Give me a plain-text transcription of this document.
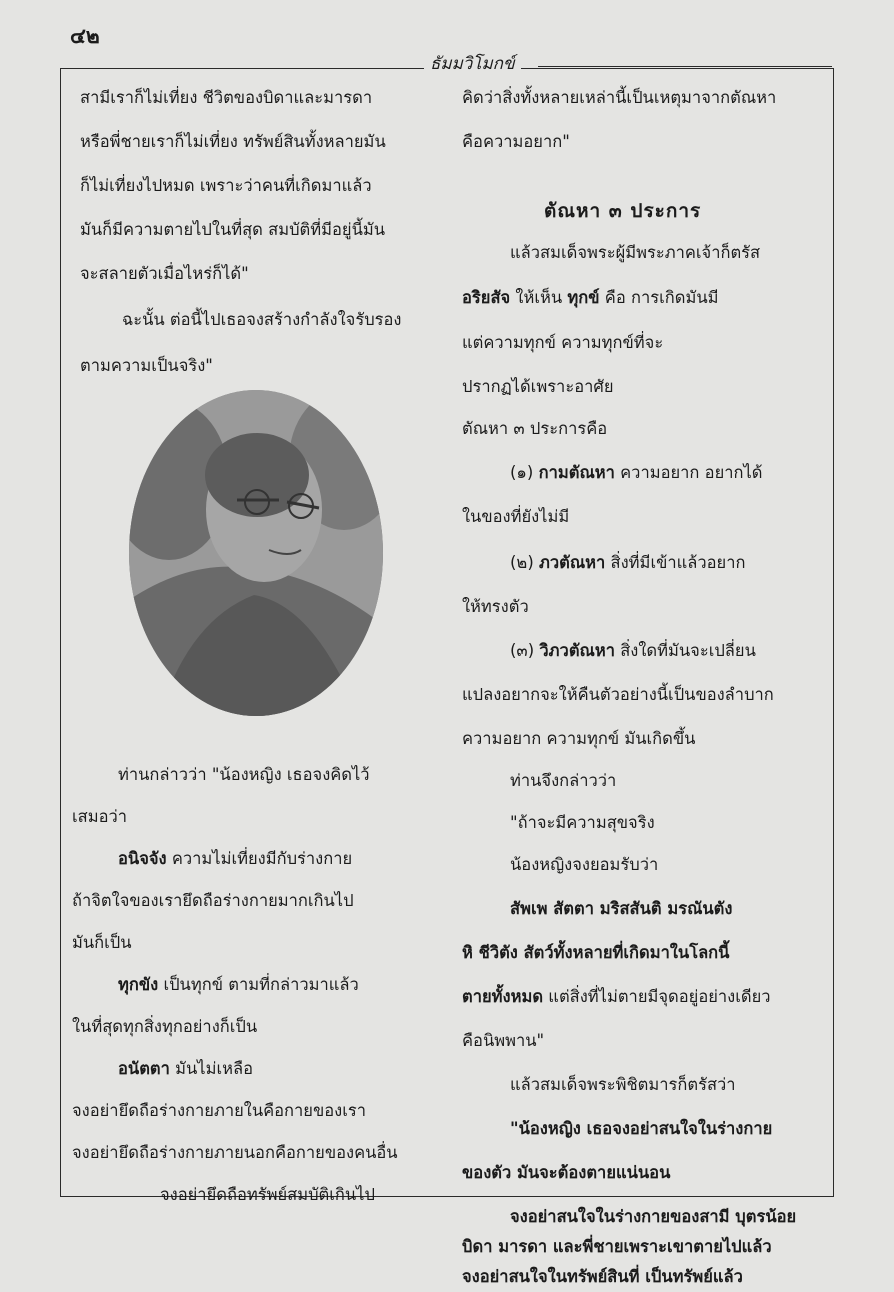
๔๒
ธัมมวิโมกข์
สามีเราก็ไม่เที่ยง ชีวิตของบิดาและมารดา
หรือพี่ชายเราก็ไม่เที่ยง ทรัพย์สินทั้งหลายมัน
ก็ไม่เที่ยงไปหมด เพราะว่าคนที่เกิดมาแล้ว
มันก็มีความตายไปในที่สุด สมบัติที่มีอยู่นี้มัน
จะสลายตัวเมื่อไหร่ก็ได้"
ฉะนั้น ต่อนี้ไปเธอจงสร้างกำลังใจรับรอง
ตามความเป็นจริง"
ท่านกล่าวว่า "น้องหญิง เธอจงคิดไว้
เสมอว่า
อนิจจัง ความไม่เที่ยงมีกับร่างกาย
ถ้าจิตใจของเรายึดถือร่างกายมากเกินไป
มันก็เป็น
ทุกขัง เป็นทุกข์ ตามที่กล่าวมาแล้ว
ในที่สุดทุกสิ่งทุกอย่างก็เป็น
อนัตตา มันไม่เหลือ
จงอย่ายึดถือร่างกายภายในคือกายของเรา
จงอย่ายึดถือร่างกายภายนอกคือกายของคนอื่น
จงอย่ายึดถือทรัพย์สมบัติเกินไป
คิดว่าสิ่งทั้งหลายเหล่านี้เป็นเหตุมาจากตัณหา
คือความอยาก"
ตัณหา ๓ ประการ
แล้วสมเด็จพระผู้มีพระภาคเจ้าก็ตรัส
อริยสัจ ให้เห็น ทุกข์ คือ การเกิดมันมี
แต่ความทุกข์ ความทุกข์ที่จะ
ปรากฏได้เพราะอาศัย
ตัณหา ๓ ประการคือ
(๑) กามตัณหา ความอยาก อยากได้
ในของที่ยังไม่มี
(๒) ภวตัณหา สิ่งที่มีเข้าแล้วอยาก
ให้ทรงตัว
(๓) วิภวตัณหา สิ่งใดที่มันจะเปลี่ยน
แปลงอยากจะให้คืนตัวอย่างนี้เป็นของลำบาก
ความอยาก ความทุกข์ มันเกิดขึ้น
ท่านจึงกล่าวว่า
"ถ้าจะมีความสุขจริง
น้องหญิงจงยอมรับว่า
สัพเพ สัตตา มริสสันติ มรณันตัง
หิ ชีวิตัง สัตว์ทั้งหลายที่เกิดมาในโลกนี้
ตายทั้งหมด แต่สิ่งที่ไม่ตายมีจุดอยู่อย่างเดียว
คือนิพพาน"
แล้วสมเด็จพระพิชิตมารก็ตรัสว่า
"น้องหญิง เธอจงอย่าสนใจในร่างกาย
ของตัว มันจะต้องตายแน่นอน
จงอย่าสนใจในร่างกายของสามี บุตรน้อย
บิดา มารดา และพี่ชายเพราะเขาตายไปแล้ว
จงอย่าสนใจในทรัพย์สินที่ เป็นทรัพย์แล้ว
